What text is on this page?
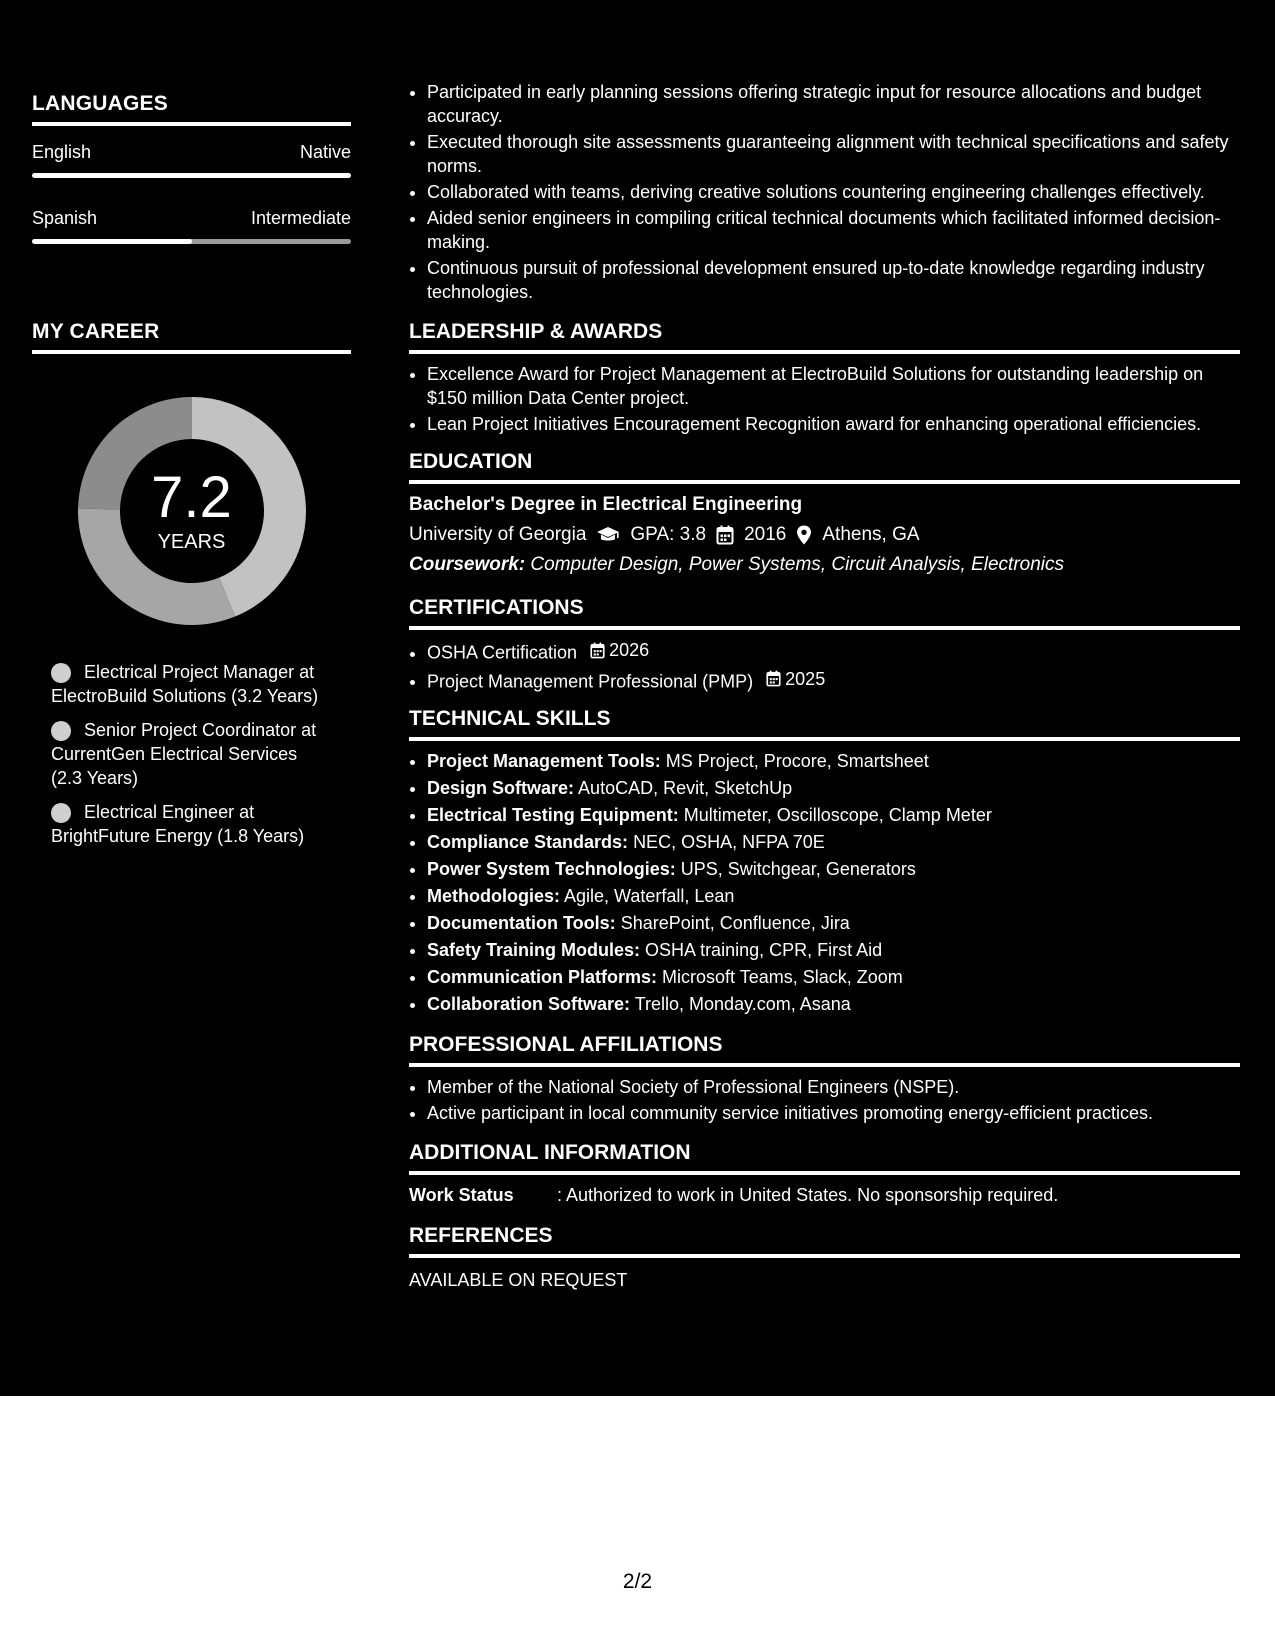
LANGUAGES
English	Native
Spanish	Intermediate
MY CAREER
7.2
YEARS
Electrical Project Manager at ElectroBuild Solutions (3.2 Years)
Senior Project Coordinator at CurrentGen Electrical Services (2.3 Years)
Electrical Engineer at BrightFuture Energy (1.8 Years)
• Participated in early planning sessions offering strategic input for resource allocations and budget accuracy.
• Executed thorough site assessments guaranteeing alignment with technical specifications and safety norms.
• Collaborated with teams, deriving creative solutions countering engineering challenges effectively.
• Aided senior engineers in compiling critical technical documents which facilitated informed decision-making.
• Continuous pursuit of professional development ensured up-to-date knowledge regarding industry technologies.
LEADERSHIP & AWARDS
• Excellence Award for Project Management at ElectroBuild Solutions for outstanding leadership on $150 million Data Center project.
• Lean Project Initiatives Encouragement Recognition award for enhancing operational efficiencies.
EDUCATION
Bachelor's Degree in Electrical Engineering
University of Georgia GPA: 3.8 2016 Athens, GA
Coursework: Computer Design, Power Systems, Circuit Analysis, Electronics
CERTIFICATIONS
• OSHA Certification 2026
• Project Management Professional (PMP) 2025
TECHNICAL SKILLS
• Project Management Tools: MS Project, Procore, Smartsheet
• Design Software: AutoCAD, Revit, SketchUp
• Electrical Testing Equipment: Multimeter, Oscilloscope, Clamp Meter
• Compliance Standards: NEC, OSHA, NFPA 70E
• Power System Technologies: UPS, Switchgear, Generators
• Methodologies: Agile, Waterfall, Lean
• Documentation Tools: SharePoint, Confluence, Jira
• Safety Training Modules: OSHA training, CPR, First Aid
• Communication Platforms: Microsoft Teams, Slack, Zoom
• Collaboration Software: Trello, Monday.com, Asana
PROFESSIONAL AFFILIATIONS
• Member of the National Society of Professional Engineers (NSPE).
• Active participant in local community service initiatives promoting energy-efficient practices.
ADDITIONAL INFORMATION
Work Status	: Authorized to work in United States. No sponsorship required.
REFERENCES
AVAILABLE ON REQUEST
2/2
